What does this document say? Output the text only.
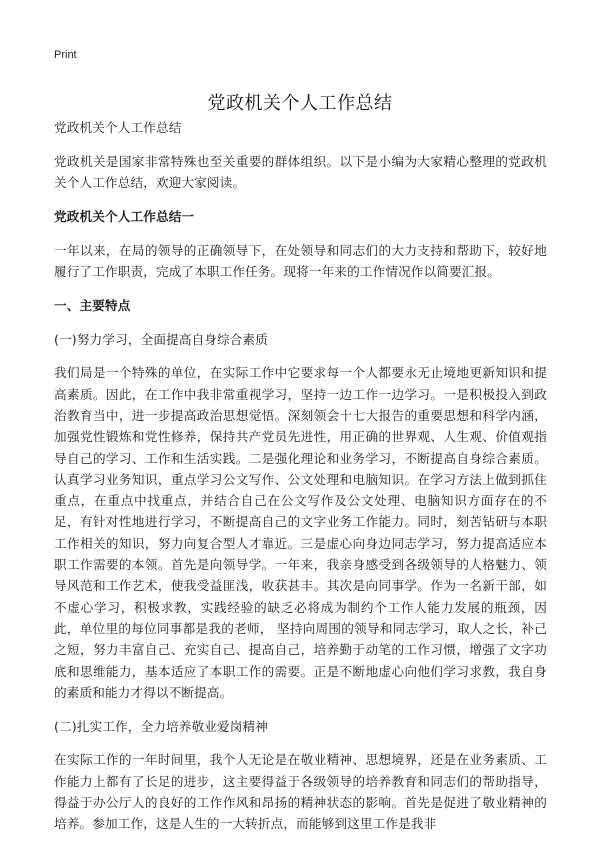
Print
党政机关个人工作总结

党政机关个人工作总结

党政机关是国家非常特殊也至关重要的群体组织。以下是小编为大家精心整理的党政机关个人工作总结，欢迎大家阅读。

党政机关个人工作总结一

一年以来，在局的领导的正确领导下，在处领导和同志们的大力支持和帮助下，较好地履行了工作职责，完成了本职工作任务。现将一年来的工作情况作以简要汇报。

一、主要特点

(一)努力学习，全面提高自身综合素质

我们局是一个特殊的单位，在实际工作中它要求每一个人都要永无止境地更新知识和提高素质。因此，在工作中我非常重视学习，坚持一边工作一边学习。一是积极投入到政治教育当中，进一步提高政治思想觉悟。深刻领会十七大报告的重要思想和科学内涵，加强党性锻炼和党性修养，保持共产党员先进性，用正确的世界观、人生观、价值观指导自己的学习、工作和生活实践。二是强化理论和业务学习，不断提高自身综合素质。认真学习业务知识，重点学习公文写作、公文处理和电脑知识。在学习方法上做到抓住重点，在重点中找重点，并结合自己在公文写作及公文处理、电脑知识方面存在的不足，有针对性地进行学习，不断提高自己的文字业务工作能力。同时，刻苦钻研与本职工作相关的知识，努力向复合型人才靠近。三是虚心向身边同志学习，努力提高适应本职工作需要的本领。首先是向领导学。一年来，我亲身感受到各级领导的人格魅力、领导风范和工作艺术，使我受益匪浅，收获甚丰。其次是向同事学。作为一名新干部，如不虚心学习，积极求教，实践经验的缺乏必将成为制约个工作人能力发展的瓶颈，因此，单位里的每位同事都是我的老师， 坚持向周围的领导和同志学习，取人之长，补己之短，努力丰富自己、充实自己、提高自己，培养勤于动笔的工作习惯，增强了文字功底和思维能力，基本适应了本职工作的需要。正是不断地虚心向他们学习求教，我自身的素质和能力才得以不断提高。

(二)扎实工作，全力培养敬业爱岗精神

在实际工作的一年时间里，我个人无论是在敬业精神、思想境界，还是在业务素质、工作能力上都有了长足的进步，这主要得益于各级领导的培养教育和同志们的帮助指导，得益于办公厅人的良好的工作作风和昂扬的精神状态的影响。首先是促进了敬业精神的培养。参加工作，这是人生的一大转折点，而能够到这里工作是我非
